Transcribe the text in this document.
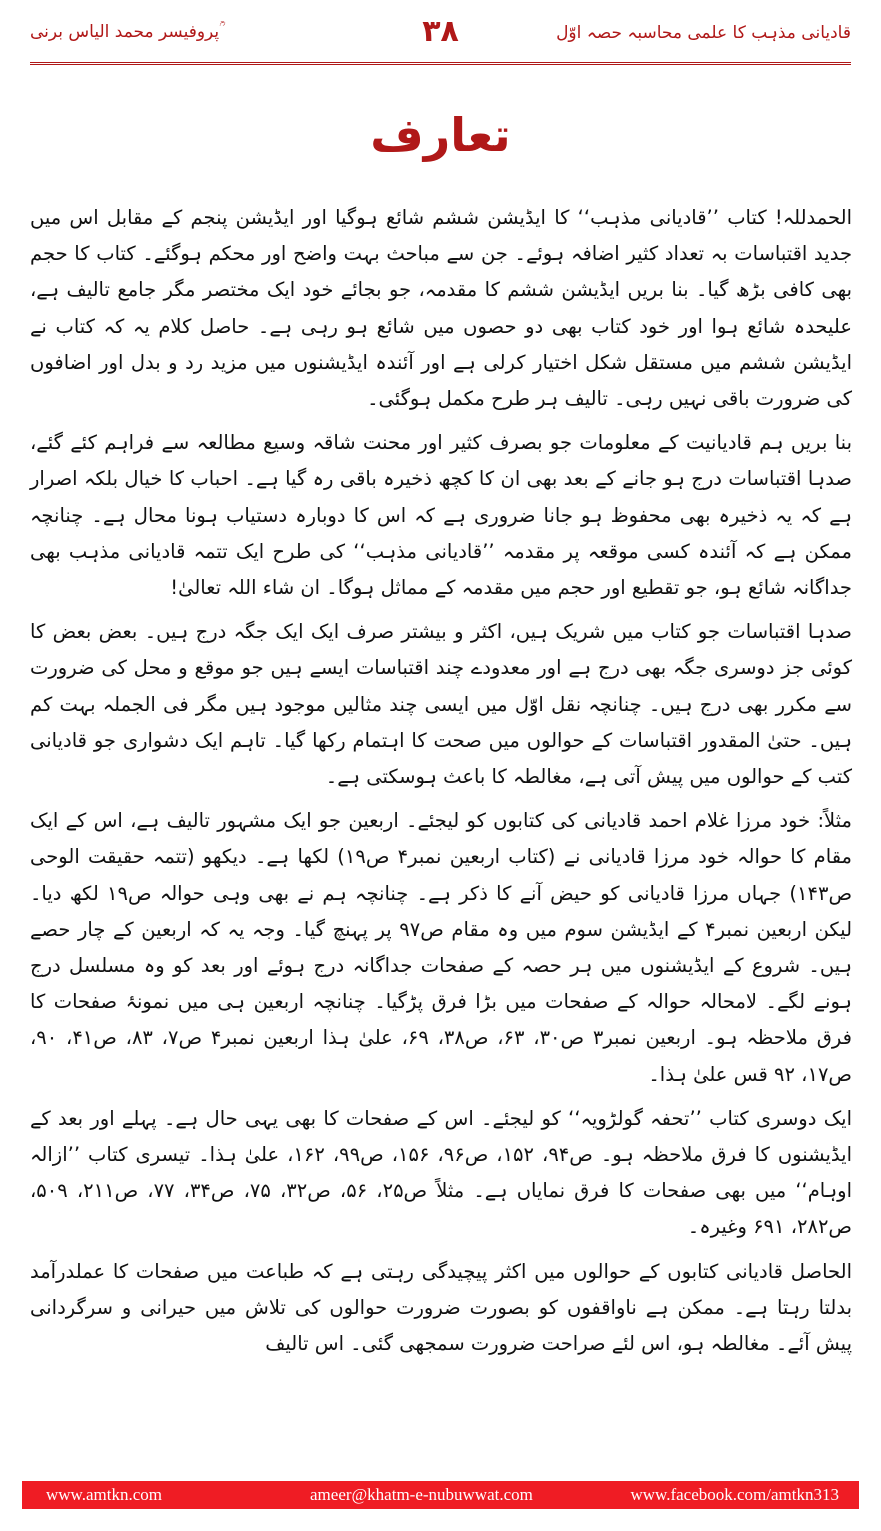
پروفیسر محمد الیاس برنی ؒ	۳۸	قادیانی مذہب کا علمی محاسبہ حصہ اوّل
تعارف

الحمدللہ! کتاب ’’قادیانی مذہب‘‘ کا ایڈیشن ششم شائع ہوگیا اور ایڈیشن پنجم کے مقابل اس میں جدید اقتباسات بہ تعداد کثیر اضافہ ہوئے۔ جن سے مباحث بہت واضح اور محکم ہوگئے۔ کتاب کا حجم بھی کافی بڑھ گیا۔ بنا بریں ایڈیشن ششم کا مقدمہ، جو بجائے خود ایک مختصر مگر جامع تالیف ہے، علیحدہ شائع ہوا اور خود کتاب بھی دو حصوں میں شائع ہو رہی ہے۔ حاصل کلام یہ کہ کتاب نے ایڈیشن ششم میں مستقل شکل اختیار کرلی ہے اور آئندہ ایڈیشنوں میں مزید رد و بدل اور اضافوں کی ضرورت باقی نہیں رہی۔ تالیف ہر طرح مکمل ہوگئی۔

بنا بریں ہم قادیانیت کے معلومات جو بصرف کثیر اور محنت شاقہ وسیع مطالعہ سے فراہم کئے گئے، صدہا اقتباسات درج ہو جانے کے بعد بھی ان کا کچھ ذخیرہ باقی رہ گیا ہے۔ احباب کا خیال بلکہ اصرار ہے کہ یہ ذخیرہ بھی محفوظ ہو جانا ضروری ہے کہ اس کا دوبارہ دستیاب ہونا محال ہے۔ چنانچہ ممکن ہے کہ آئندہ کسی موقعہ پر مقدمہ ’’قادیانی مذہب‘‘ کی طرح ایک تتمہ قادیانی مذہب بھی جداگانہ شائع ہو، جو تقطیع اور حجم میں مقدمہ کے مماثل ہوگا۔ ان شاء اللہ تعالیٰ!

صدہا اقتباسات جو کتاب میں شریک ہیں، اکثر و بیشتر صرف ایک ایک جگہ درج ہیں۔ بعض بعض کا کوئی جز دوسری جگہ بھی درج ہے اور معدودے چند اقتباسات ایسے ہیں جو موقع و محل کی ضرورت سے مکرر بھی درج ہیں۔ چنانچہ نقل اوّل میں ایسی چند مثالیں موجود ہیں مگر فی الجملہ بہت کم ہیں۔ حتیٰ المقدور اقتباسات کے حوالوں میں صحت کا اہتمام رکھا گیا۔ تاہم ایک دشواری جو قادیانی کتب کے حوالوں میں پیش آتی ہے، مغالطہ کا باعث ہوسکتی ہے۔

مثلاً: خود مرزا غلام احمد قادیانی کی کتابوں کو لیجئے۔ اربعین جو ایک مشہور تالیف ہے، اس کے ایک مقام کا حوالہ خود مرزا قادیانی نے (کتاب اربعین نمبر۴ ص۱۹) لکھا ہے۔ دیکھو (تتمہ حقیقت الوحی ص۱۴۳) جہاں مرزا قادیانی کو حیض آنے کا ذکر ہے۔ چنانچہ ہم نے بھی وہی حوالہ ص۱۹ لکھ دیا۔ لیکن اربعین نمبر۴ کے ایڈیشن سوم میں وہ مقام ص۹۷ پر پہنچ گیا۔ وجہ یہ کہ اربعین کے چار حصے ہیں۔ شروع کے ایڈیشنوں میں ہر حصہ کے صفحات جداگانہ درج ہوئے اور بعد کو وہ مسلسل درج ہونے لگے۔ لامحالہ حوالہ کے صفحات میں بڑا فرق پڑگیا۔ چنانچہ اربعین ہی میں نمونۂ صفحات کا فرق ملاحظہ ہو۔ اربعین نمبر۳ ص۳۰، ۶۳، ص۳۸، ۶۹، علیٰ ہذا اربعین نمبر۴ ص۷، ۸۳، ص۴۱، ۹۰، ص۱۷، ۹۲ قس علیٰ ہذا۔

ایک دوسری کتاب ’’تحفہ گولڑویہ‘‘ کو لیجئے۔ اس کے صفحات کا بھی یہی حال ہے۔ پہلے اور بعد کے ایڈیشنوں کا فرق ملاحظہ ہو۔ ص۹۴، ۱۵۲، ص۹۶، ۱۵۶، ص۹۹، ۱۶۲، علیٰ ہذا۔ تیسری کتاب ’’ازالہ اوہام‘‘ میں بھی صفحات کا فرق نمایاں ہے۔ مثلاً ص۲۵، ۵۶، ص۳۲، ۷۵، ص۳۴، ۷۷، ص۲۱۱، ۵۰۹، ص۲۸۲، ۶۹۱ وغیرہ۔

الحاصل قادیانی کتابوں کے حوالوں میں اکثر پیچیدگی رہتی ہے کہ طباعت میں صفحات کا عملدرآمد بدلتا رہتا ہے۔ ممکن ہے ناواقفوں کو بصورت ضرورت حوالوں کی تلاش میں حیرانی و سرگردانی پیش آئے۔ مغالطہ ہو، اس لئے صراحت ضرورت سمجھی گئی۔ اس تالیف

www.amtkn.com	ameer@khatm-e-nubuwwat.com	www.facebook.com/amtkn313
